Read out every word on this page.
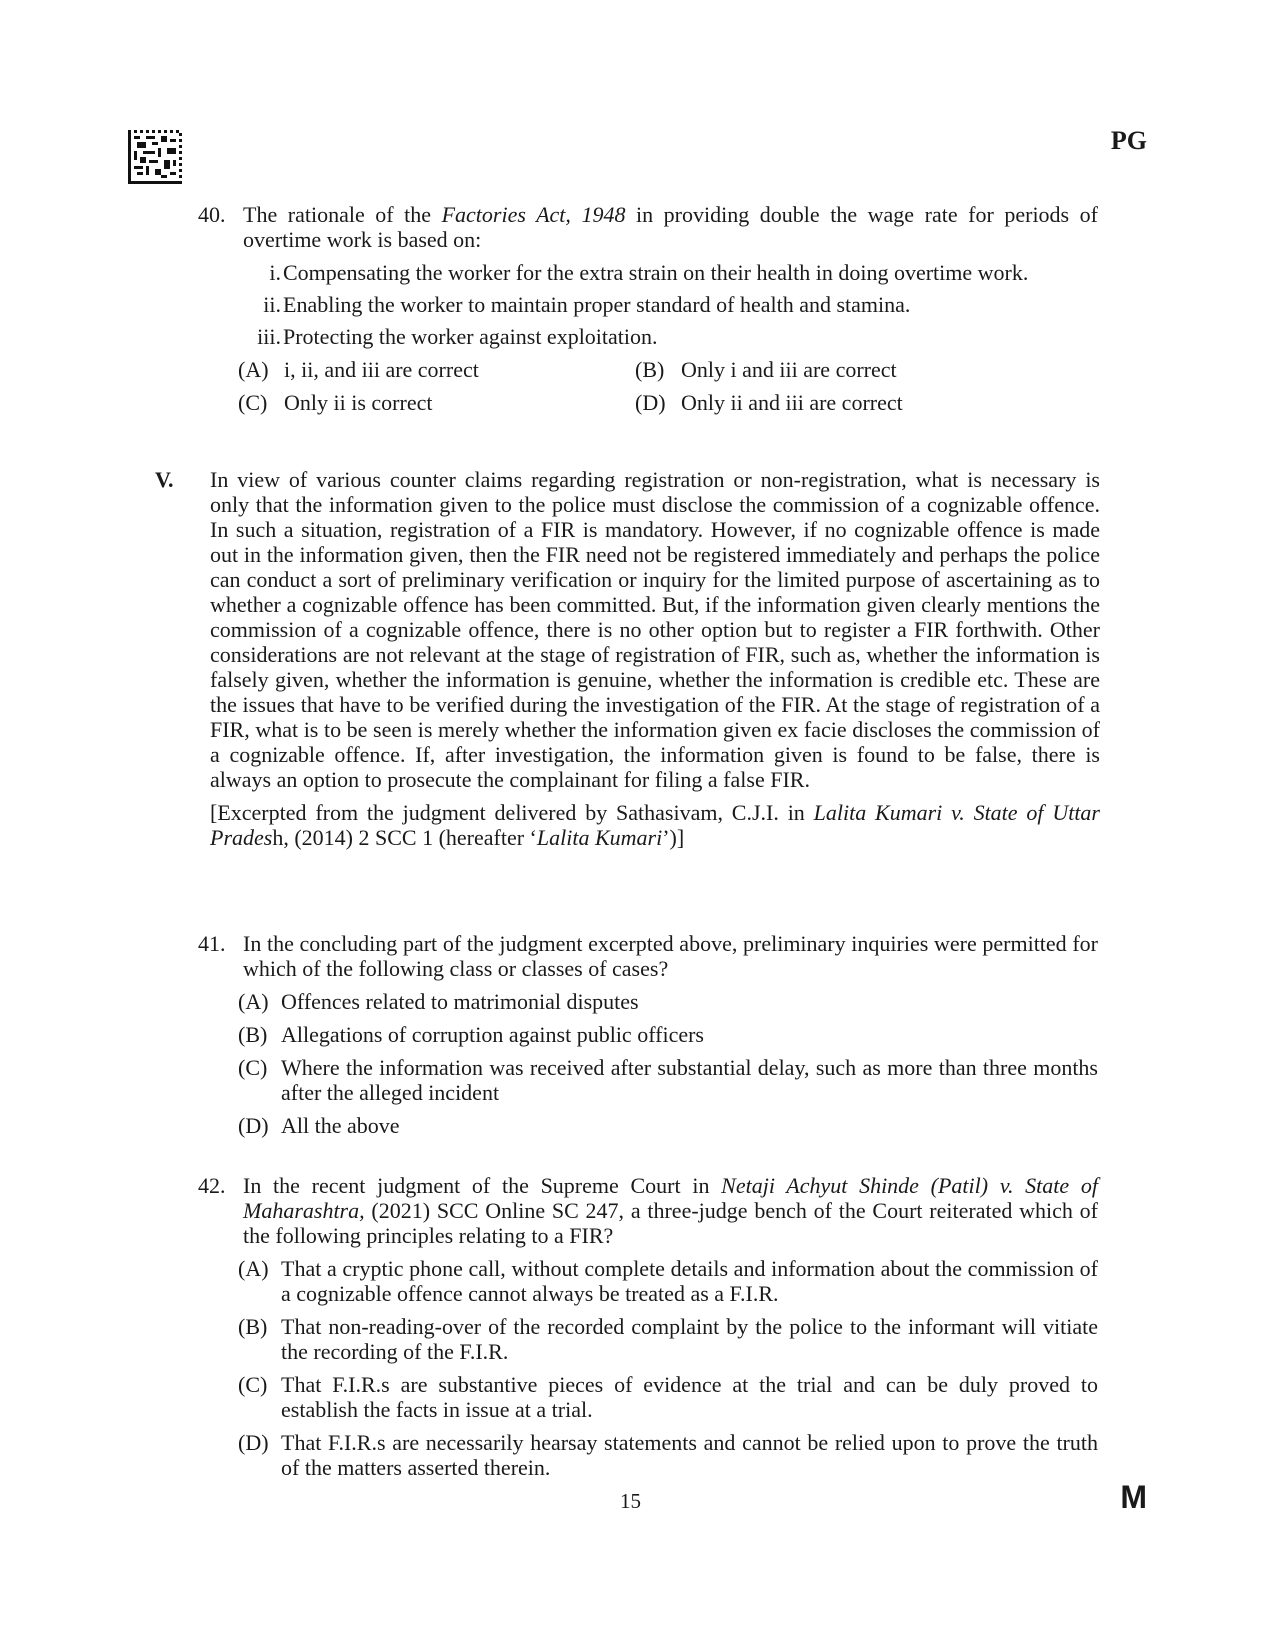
PG
40. The rationale of the Factories Act, 1948 in providing double the wage rate for periods of overtime work is based on:
i. Compensating the worker for the extra strain on their health in doing overtime work.
ii. Enabling the worker to maintain proper standard of health and stamina.
iii. Protecting the worker against exploitation.
(A) i, ii, and iii are correct	(B) Only i and iii are correct
(C) Only ii is correct	(D) Only ii and iii are correct
V. In view of various counter claims regarding registration or non-registration, what is necessary is only that the information given to the police must disclose the commission of a cognizable offence. In such a situation, registration of a FIR is mandatory. However, if no cognizable offence is made out in the information given, then the FIR need not be registered immediately and perhaps the police can conduct a sort of preliminary verification or inquiry for the limited purpose of ascertaining as to whether a cognizable offence has been committed. But, if the information given clearly mentions the commission of a cognizable offence, there is no other option but to register a FIR forthwith. Other considerations are not relevant at the stage of registration of FIR, such as, whether the information is falsely given, whether the information is genuine, whether the information is credible etc. These are the issues that have to be verified during the investigation of the FIR. At the stage of registration of a FIR, what is to be seen is merely whether the information given ex facie discloses the commission of a cognizable offence. If, after investigation, the information given is found to be false, there is always an option to prosecute the complainant for filing a false FIR.
[Excerpted from the judgment delivered by Sathasivam, C.J.I. in Lalita Kumari v. State of Uttar Pradesh, (2014) 2 SCC 1 (hereafter ‘Lalita Kumari’)]
41. In the concluding part of the judgment excerpted above, preliminary inquiries were permitted for which of the following class or classes of cases?
(A) Offences related to matrimonial disputes
(B) Allegations of corruption against public officers
(C) Where the information was received after substantial delay, such as more than three months after the alleged incident
(D) All the above
42. In the recent judgment of the Supreme Court in Netaji Achyut Shinde (Patil) v. State of Maharashtra, (2021) SCC Online SC 247, a three-judge bench of the Court reiterated which of the following principles relating to a FIR?
(A) That a cryptic phone call, without complete details and information about the commission of a cognizable offence cannot always be treated as a F.I.R.
(B) That non-reading-over of the recorded complaint by the police to the informant will vitiate the recording of the F.I.R.
(C) That F.I.R.s are substantive pieces of evidence at the trial and can be duly proved to establish the facts in issue at a trial.
(D) That F.I.R.s are necessarily hearsay statements and cannot be relied upon to prove the truth of the matters asserted therein.
15	M
